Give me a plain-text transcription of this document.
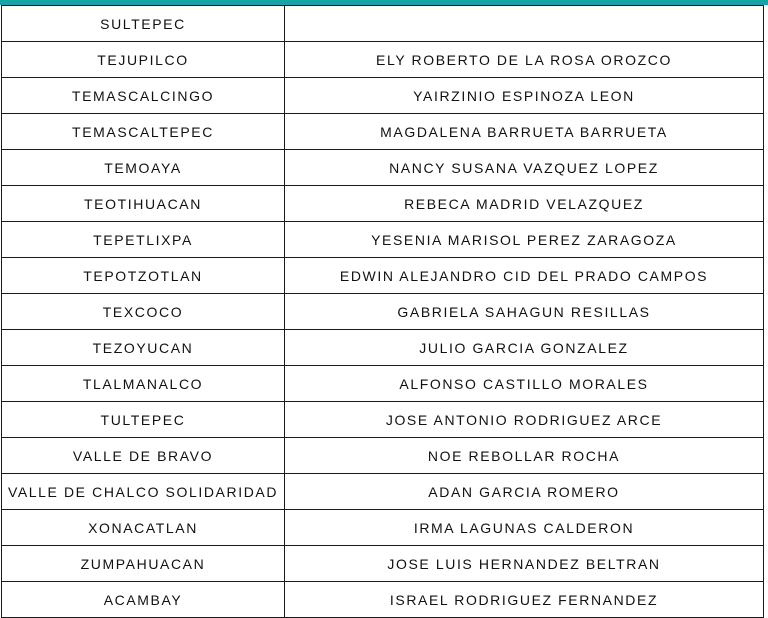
SULTEPEC	
TEJUPILCO	ELY ROBERTO DE LA ROSA OROZCO
TEMASCALCINGO	YAIRZINIO ESPINOZA LEON
TEMASCALTEPEC	MAGDALENA BARRUETA BARRUETA
TEMOAYA	NANCY SUSANA VAZQUEZ LOPEZ
TEOTIHUACAN	REBECA MADRID VELAZQUEZ
TEPETLIXPA	YESENIA MARISOL PEREZ ZARAGOZA
TEPOTZOTLAN	EDWIN ALEJANDRO CID DEL PRADO CAMPOS
TEXCOCO	GABRIELA SAHAGUN RESILLAS
TEZOYUCAN	JULIO GARCIA GONZALEZ
TLALMANALCO	ALFONSO CASTILLO MORALES
TULTEPEC	JOSE ANTONIO RODRIGUEZ ARCE
VALLE DE BRAVO	NOE REBOLLAR ROCHA
VALLE DE CHALCO SOLIDARIDAD	ADAN GARCIA ROMERO
XONACATLAN	IRMA LAGUNAS CALDERON
ZUMPAHUACAN	JOSE LUIS HERNANDEZ BELTRAN
ACAMBAY	ISRAEL RODRIGUEZ FERNANDEZ
